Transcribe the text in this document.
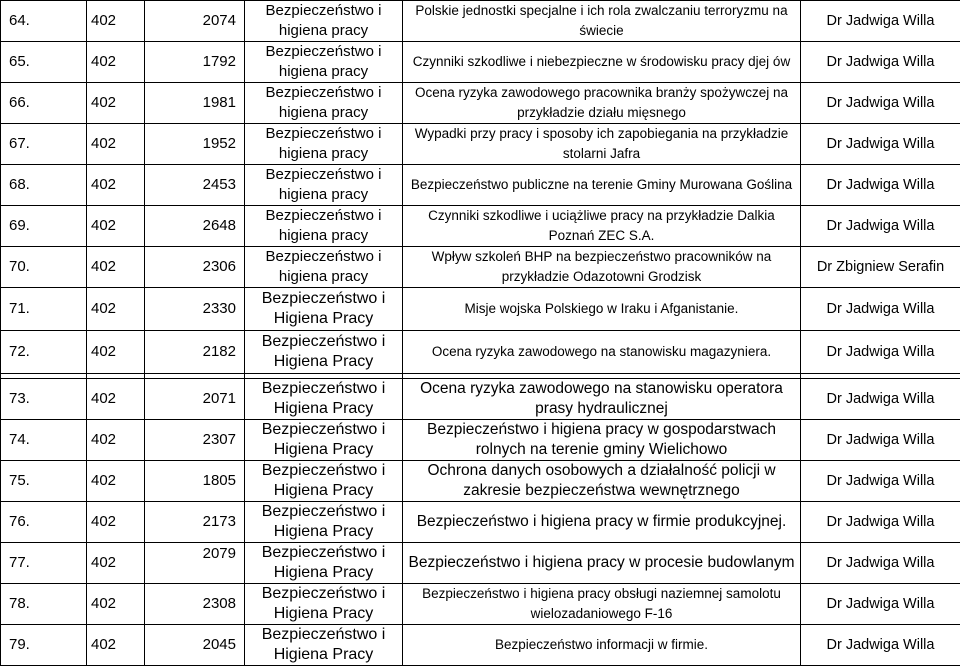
64.	402	2074	Bezpieczeństwo i higiena pracy	Polskie jednostki specjalne i ich rola zwalczaniu terroryzmu na świecie	Dr Jadwiga Willa
65.	402	1792	Bezpieczeństwo i higiena pracy	Czynniki szkodliwe i niebezpieczne w środowisku pracy djej ów	Dr Jadwiga Willa
66.	402	1981	Bezpieczeństwo i higiena pracy	Ocena ryzyka zawodowego pracownika branży spożywczej na przykładzie działu mięsnego	Dr Jadwiga Willa
67.	402	1952	Bezpieczeństwo i higiena pracy	Wypadki przy pracy i sposoby ich zapobiegania na przykładzie stolarni Jafra	Dr Jadwiga Willa
68.	402	2453	Bezpieczeństwo i higiena pracy	Bezpieczeństwo publiczne na terenie Gminy Murowana Goślina	Dr Jadwiga Willa
69.	402	2648	Bezpieczeństwo i higiena pracy	Czynniki szkodliwe i uciążliwe pracy na przykładzie Dalkia Poznań ZEC S.A.	Dr Jadwiga Willa
70.	402	2306	Bezpieczeństwo i higiena pracy	Wpływ szkoleń BHP na bezpieczeństwo pracowników na przykładzie Odazotowni Grodzisk	Dr Zbigniew Serafin
71.	402	2330	Bezpieczeństwo i Higiena Pracy	Misje wojska Polskiego w Iraku i Afganistanie.	Dr Jadwiga Willa
72.	402	2182	Bezpieczeństwo i Higiena Pracy	Ocena ryzyka zawodowego na stanowisku magazyniera.	Dr Jadwiga Willa

73.	402	2071	Bezpieczeństwo i Higiena Pracy	Ocena ryzyka zawodowego na stanowisku operatora prasy hydraulicznej	Dr Jadwiga Willa
74.	402	2307	Bezpieczeństwo i Higiena Pracy	Bezpieczeństwo i higiena pracy w gospodarstwach rolnych na terenie gminy Wielichowo	Dr Jadwiga Willa
75.	402	1805	Bezpieczeństwo i Higiena Pracy	Ochrona danych osobowych a działalność policji w zakresie bezpieczeństwa wewnętrznego	Dr Jadwiga Willa
76.	402	2173	Bezpieczeństwo i Higiena Pracy	Bezpieczeństwo i higiena pracy w firmie produkcyjnej.	Dr Jadwiga Willa
77.	402	2079	Bezpieczeństwo i Higiena Pracy	Bezpieczeństwo i higiena pracy w procesie budowlanym	Dr Jadwiga Willa
78.	402	2308	Bezpieczeństwo i Higiena Pracy	Bezpieczeństwo i higiena pracy obsługi naziemnej samolotu wielozadaniowego F-16	Dr Jadwiga Willa
79.	402	2045	Bezpieczeństwo i Higiena Pracy	Bezpieczeństwo informacji w firmie.	Dr Jadwiga Willa
